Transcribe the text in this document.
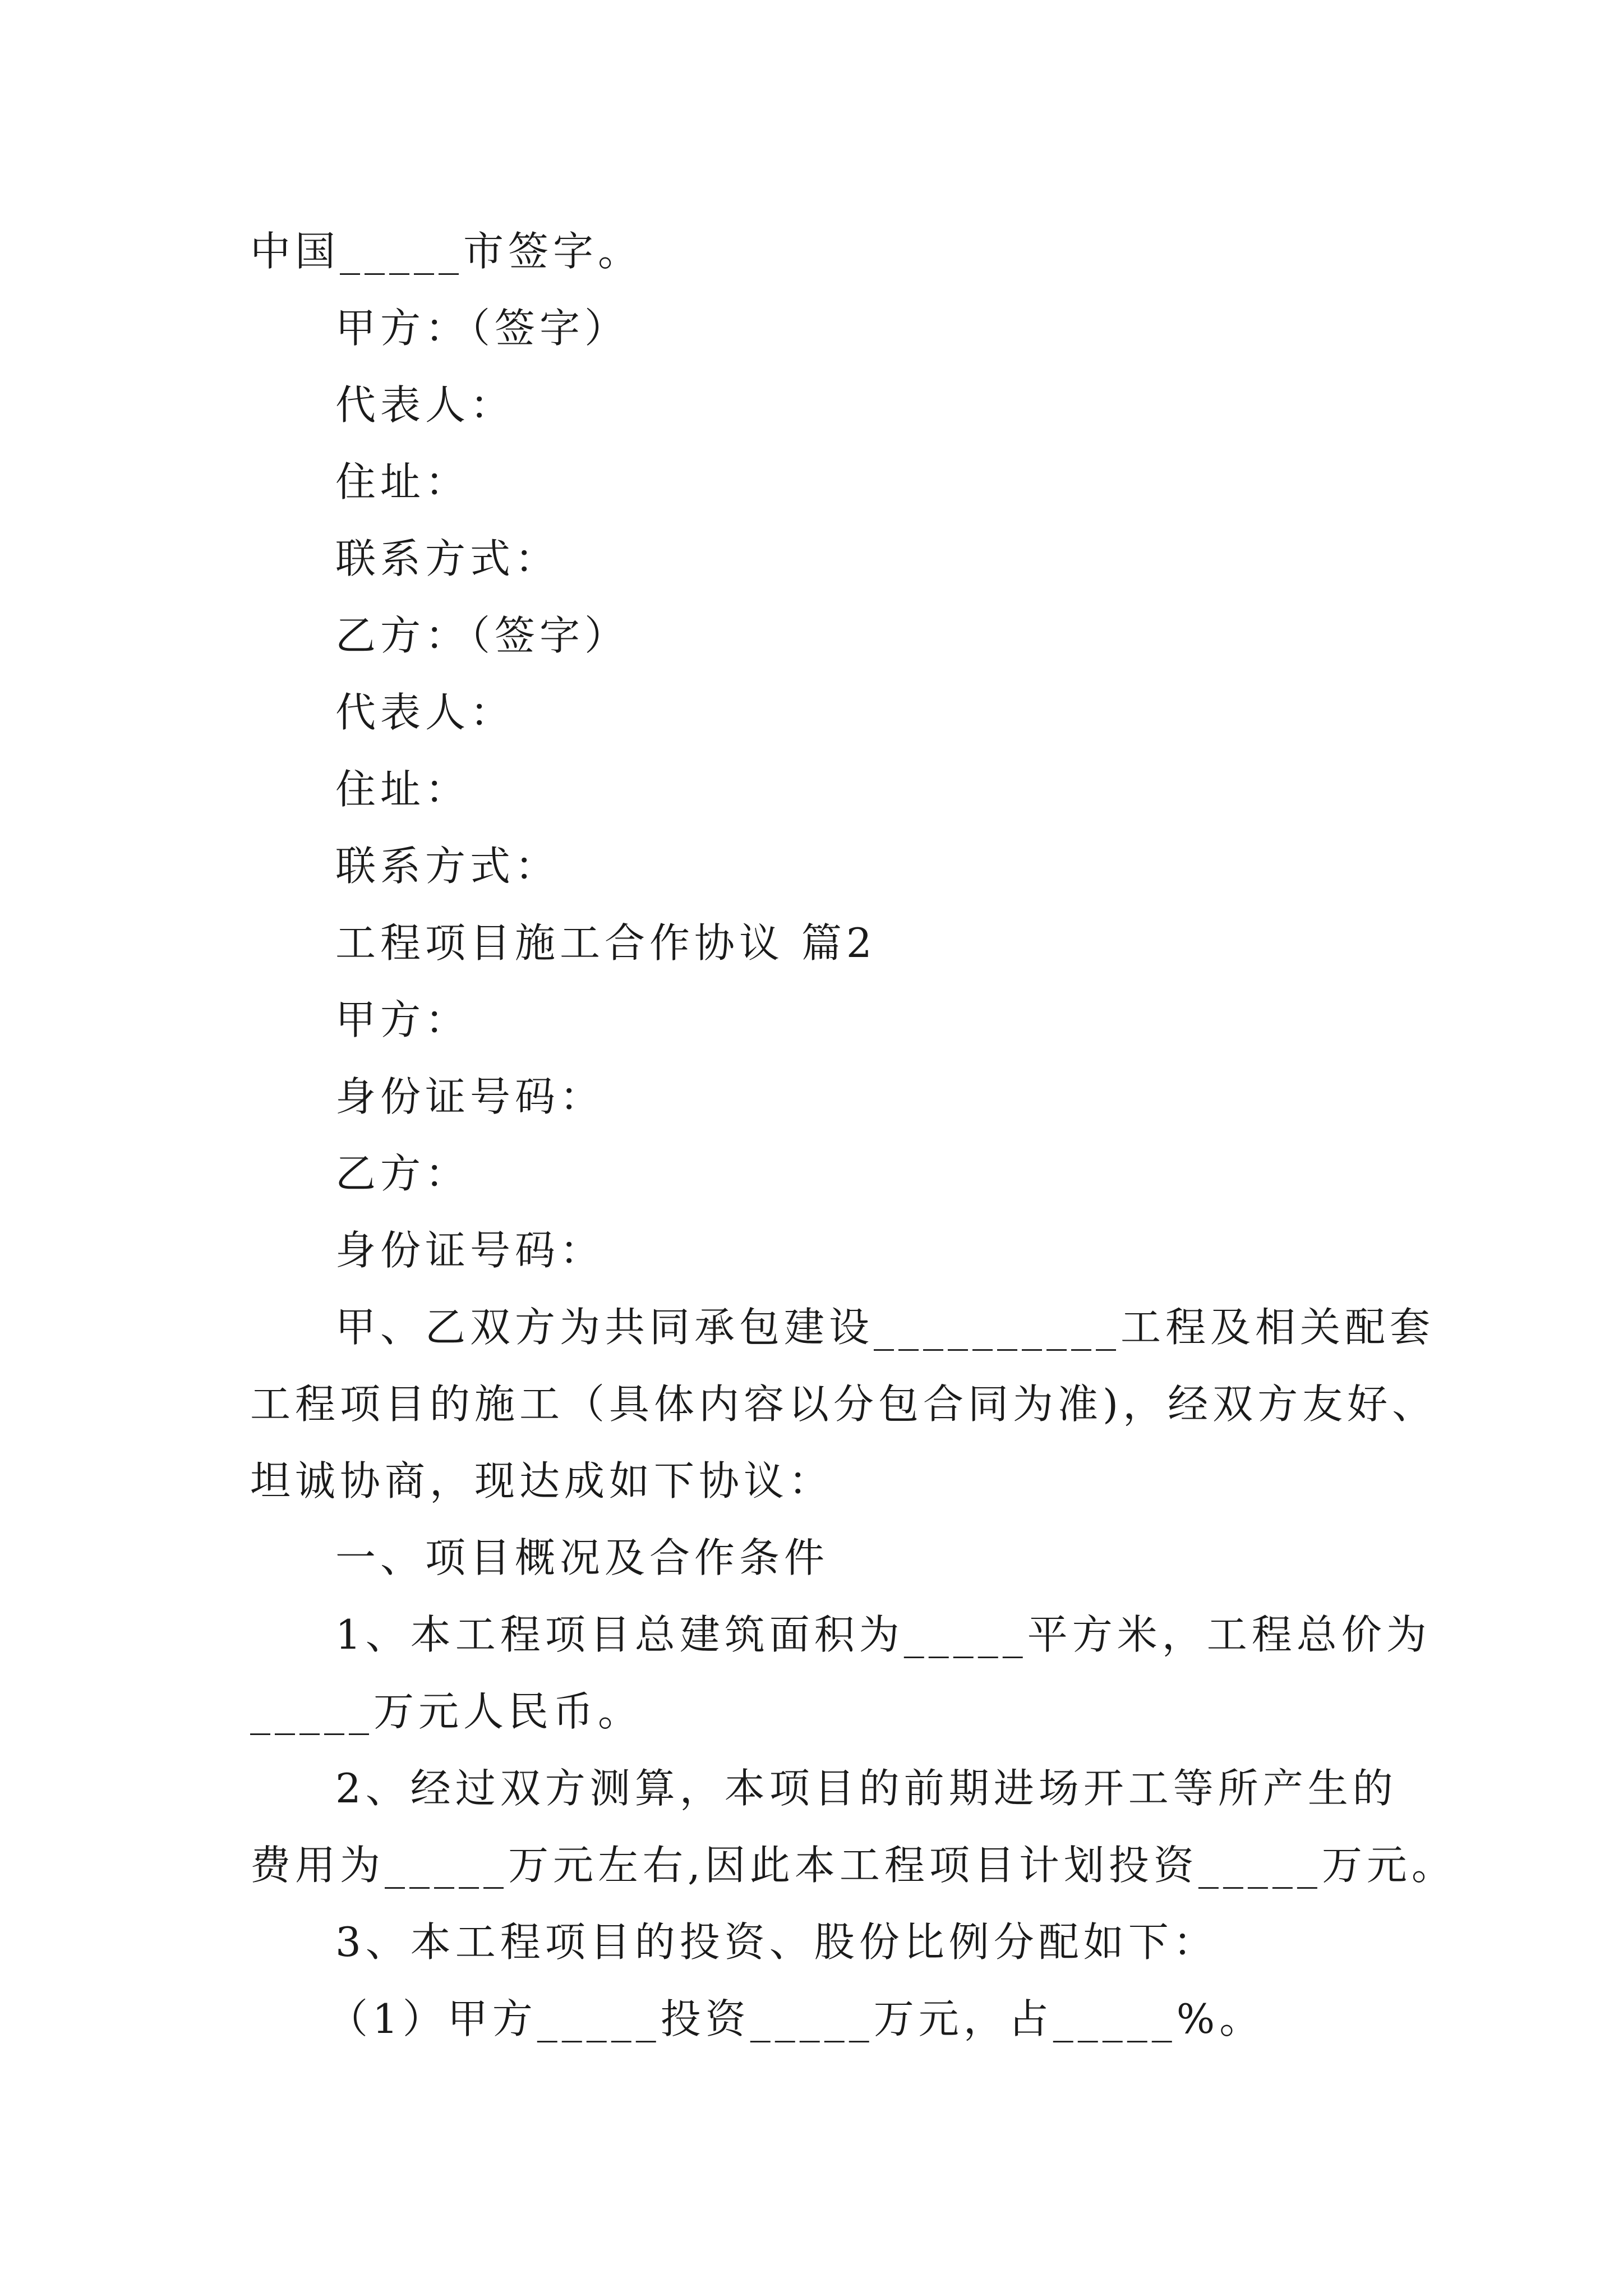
中国_____市签字。
甲方：（签字）
代表人：
住址：
联系方式：
乙方：（签字）
代表人：
住址：
联系方式：
工程项目施工合作协议 篇2
甲方：
身份证号码：
乙方：
身份证号码：
甲、乙双方为共同承包建设__________工程及相关配套
工程项目的施工（具体内容以分包合同为准)，经双方友好、
坦诚协商，现达成如下协议：
一、项目概况及合作条件
1、本工程项目总建筑面积为_____平方米，工程总价为
_____万元人民币。
2、经过双方测算，本项目的前期进场开工等所产生的
费用为_____万元左右,因此本工程项目计划投资_____万元。
3、本工程项目的投资、股份比例分配如下：
（1）甲方_____投资_____万元，占_____%。
